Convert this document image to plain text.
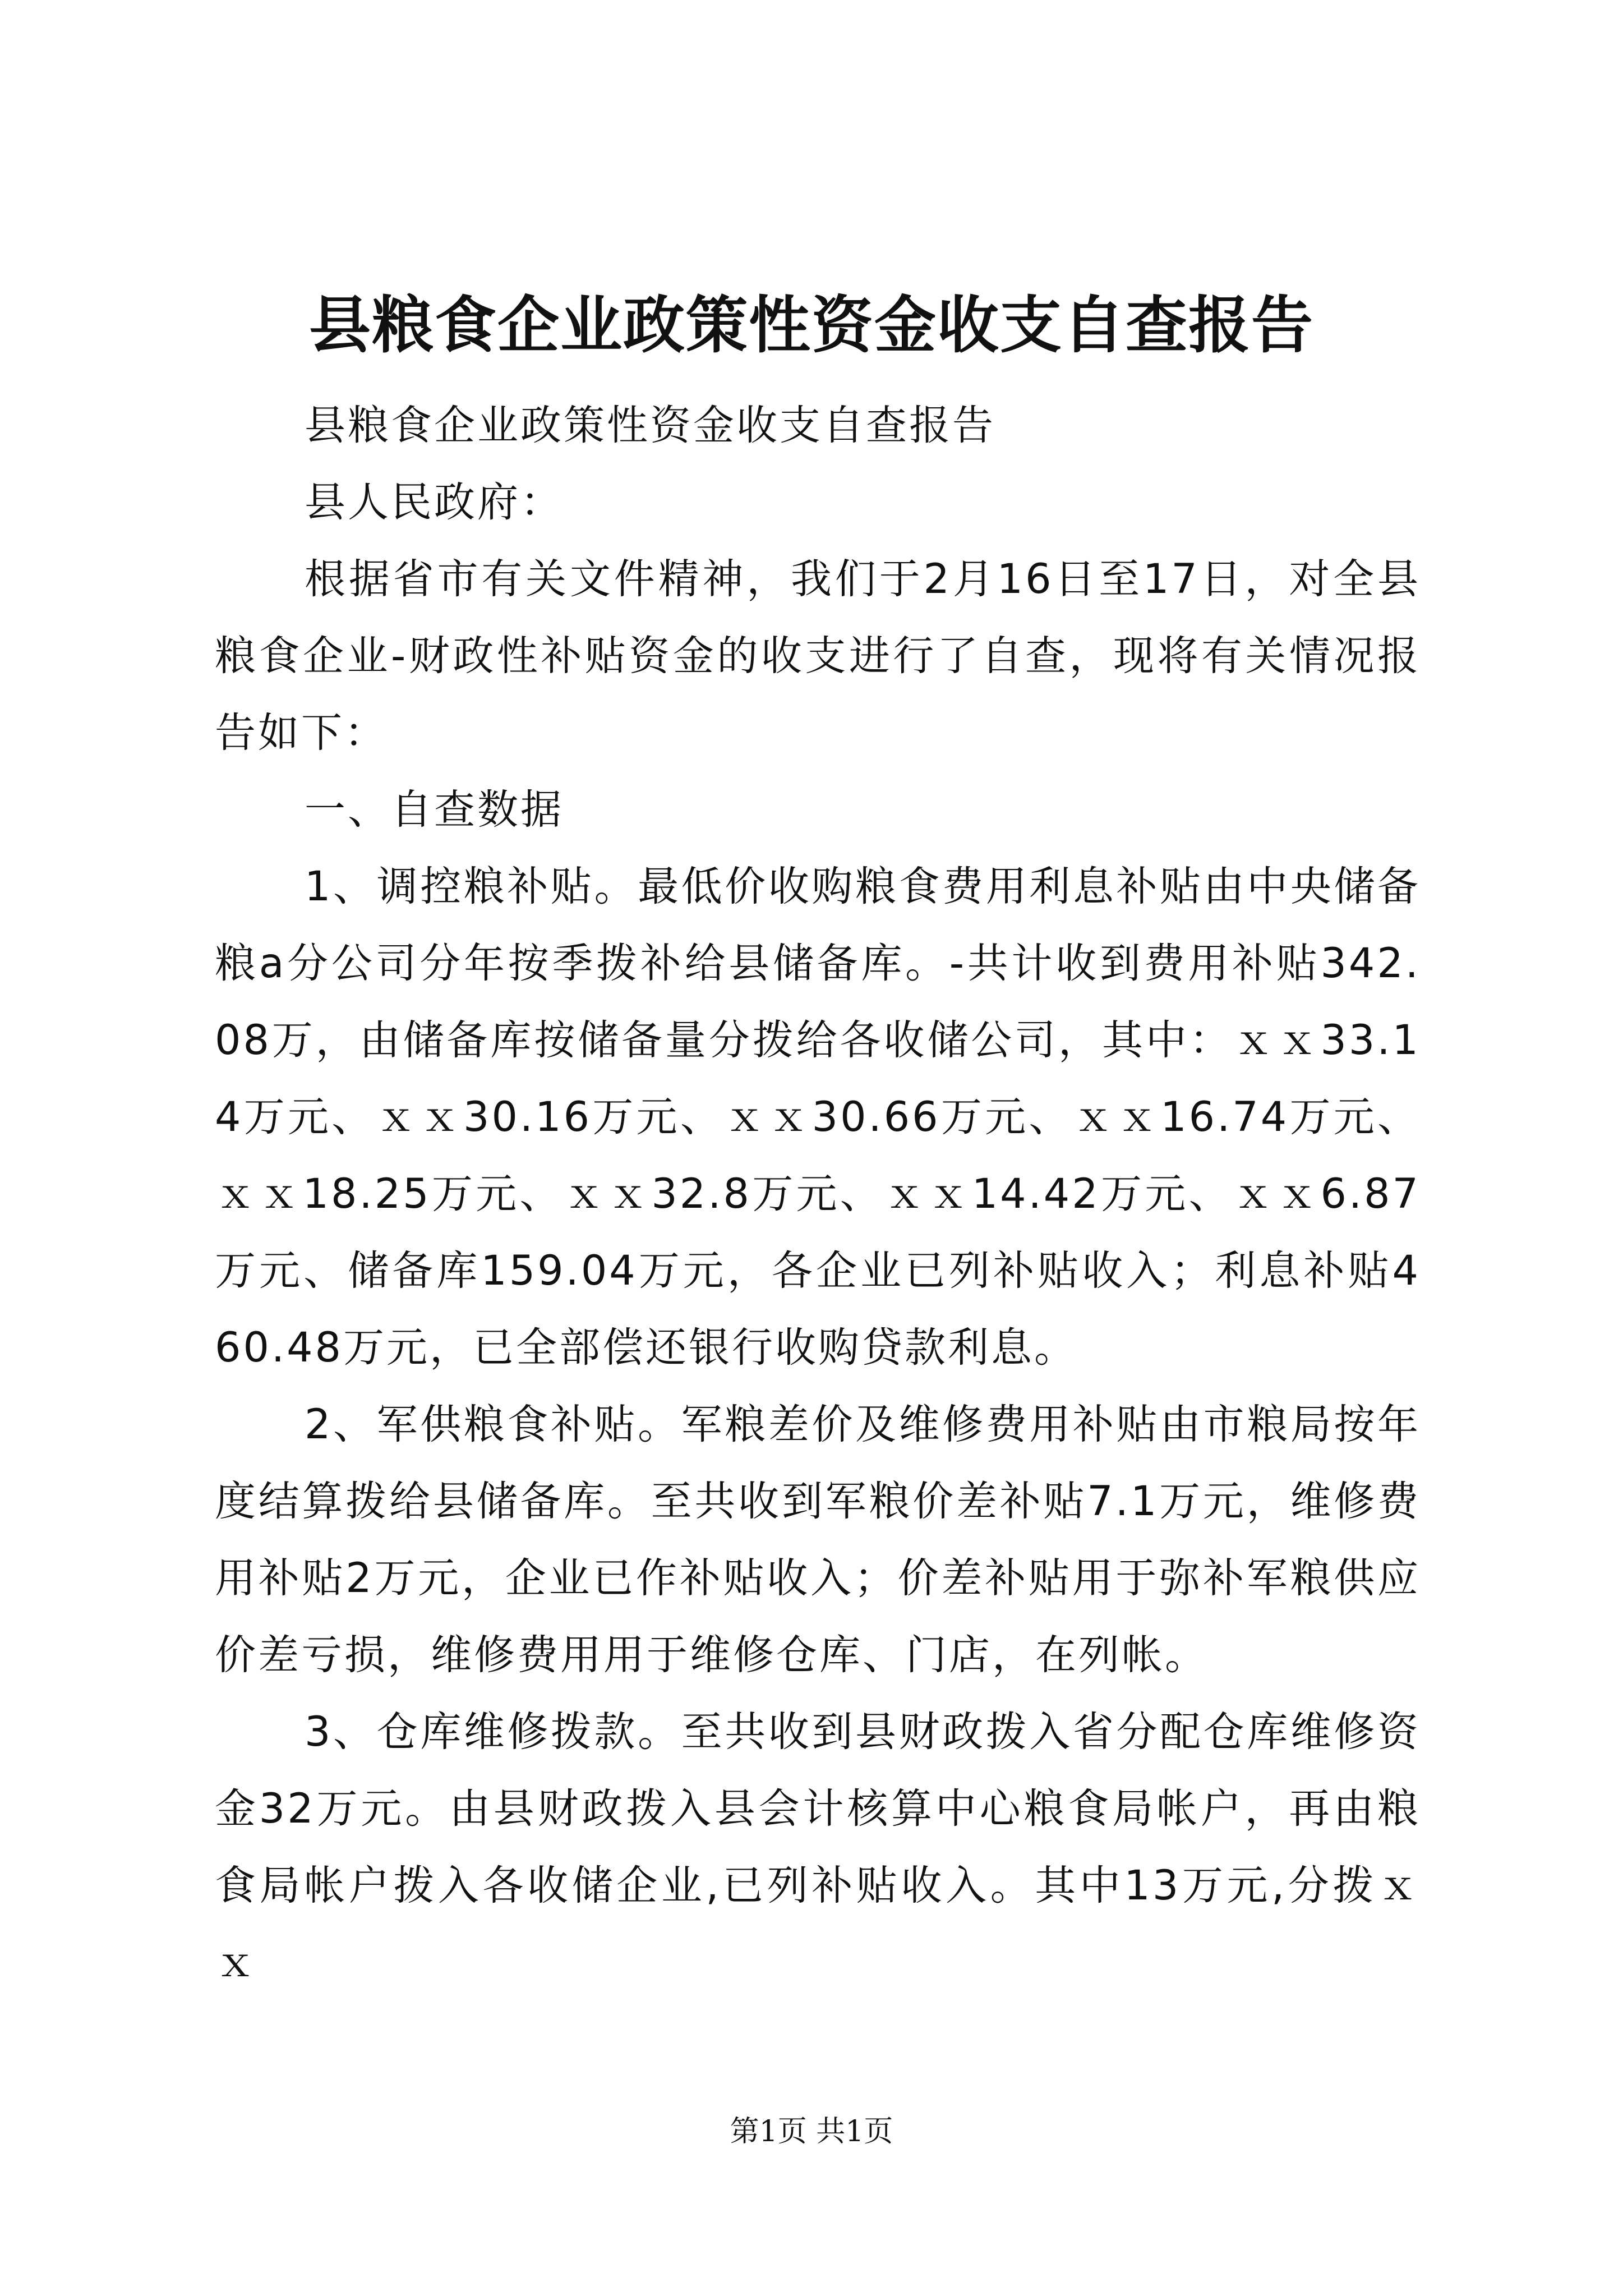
县粮食企业政策性资金收支自查报告

县粮食企业政策性资金收支自查报告

县人民政府：

根据省市有关文件精神，我们于2月16日至17日，对全县粮食企业-财政性补贴资金的收支进行了自查，现将有关情况报告如下：

一、自查数据

1、调控粮补贴。最低价收购粮食费用利息补贴由中央储备粮a分公司分年按季拨补给县储备库。-共计收到费用补贴342.08万，由储备库按储备量分拨给各收储公司，其中：ｘｘ33.14万元、ｘｘ30.16万元、ｘｘ30.66万元、ｘｘ16.74万元、ｘｘ18.25万元、ｘｘ32.8万元、ｘｘ14.42万元、ｘｘ6.87万元、储备库159.04万元，各企业已列补贴收入；利息补贴460.48万元，已全部偿还银行收购贷款利息。

2、军供粮食补贴。军粮差价及维修费用补贴由市粮局按年度结算拨给县储备库。至共收到军粮价差补贴7.1万元，维修费用补贴2万元，企业已作补贴收入；价差补贴用于弥补军粮供应价差亏损，维修费用用于维修仓库、门店，在列帐。

3、仓库维修拨款。至共收到县财政拨入省分配仓库维修资金32万元。由县财政拨入县会计核算中心粮食局帐户，再由粮食局帐户拨入各收储企业,已列补贴收入。其中13万元,分拨ｘｘ

第1页 共1页
